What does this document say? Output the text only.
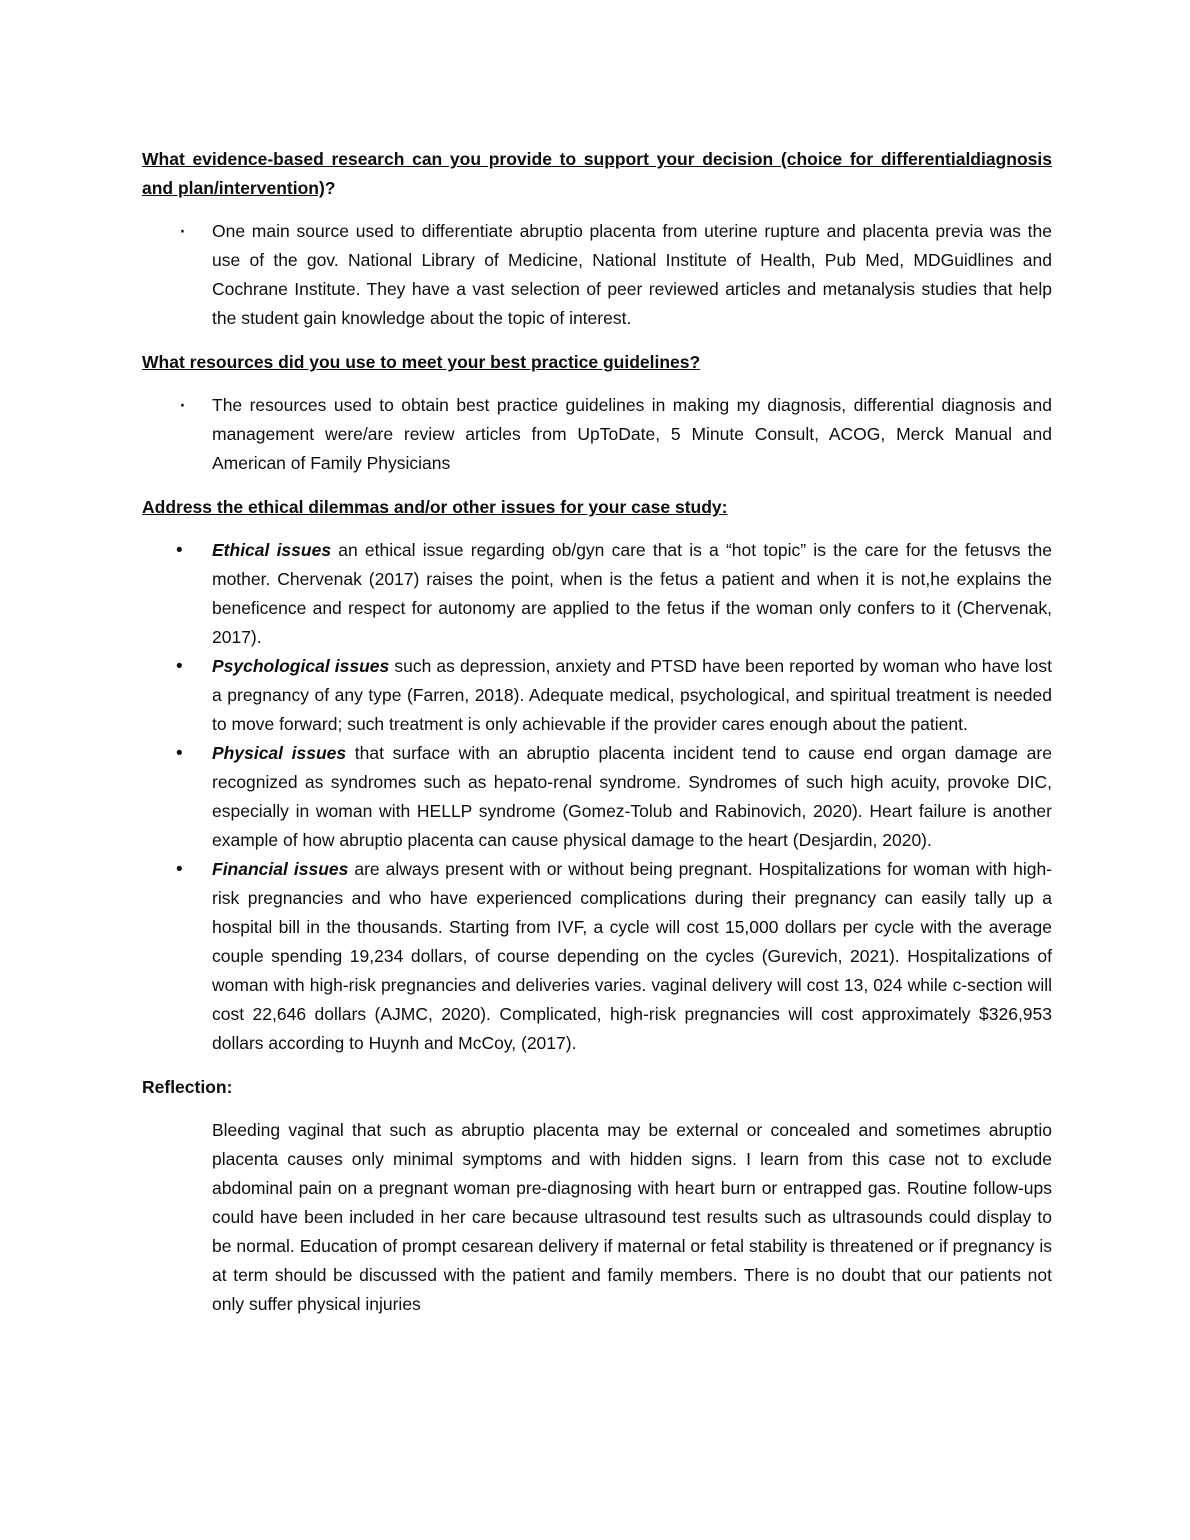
What evidence-based research can you provide to support your decision (choice for differentialdiagnosis and plan/intervention)?
· One main source used to differentiate abruptio placenta from uterine rupture and placenta previa was the use of the gov. National Library of Medicine, National Institute of Health, Pub Med, MDGuidlines and Cochrane Institute. They have a vast selection of peer reviewed articles and metanalysis studies that help the student gain knowledge about the topic of interest.
What resources did you use to meet your best practice guidelines?
· The resources used to obtain best practice guidelines in making my diagnosis, differential diagnosis and management were/are review articles from UpToDate, 5 Minute Consult, ACOG, Merck Manual and American of Family Physicians
Address the ethical dilemmas and/or other issues for your case study:
• Ethical issues an ethical issue regarding ob/gyn care that is a “hot topic” is the care for the fetusvs the mother. Chervenak (2017) raises the point, when is the fetus a patient and when it is not,he explains the beneficence and respect for autonomy are applied to the fetus if the woman only confers to it (Chervenak, 2017).
• Psychological issues such as depression, anxiety and PTSD have been reported by woman who have lost a pregnancy of any type (Farren, 2018). Adequate medical, psychological, and spiritual treatment is needed to move forward; such treatment is only achievable if the provider cares enough about the patient.
• Physical issues that surface with an abruptio placenta incident tend to cause end organ damage are recognized as syndromes such as hepato-renal syndrome. Syndromes of such high acuity, provoke DIC, especially in woman with HELLP syndrome (Gomez-Tolub and Rabinovich, 2020). Heart failure is another example of how abruptio placenta can cause physical damage to the heart (Desjardin, 2020).
• Financial issues are always present with or without being pregnant. Hospitalizations for woman with high-risk pregnancies and who have experienced complications during their pregnancy can easily tally up a hospital bill in the thousands. Starting from IVF, a cycle will cost 15,000 dollars per cycle with the average couple spending 19,234 dollars, of course depending on the cycles (Gurevich, 2021). Hospitalizations of woman with high-risk pregnancies and deliveries varies. vaginal delivery will cost 13, 024 while c-section will cost 22,646 dollars (AJMC, 2020). Complicated, high-risk pregnancies will cost approximately $326,953 dollars according to Huynh and McCoy, (2017).
Reflection:

Bleeding vaginal that such as abruptio placenta may be external or concealed and sometimes abruptio placenta causes only minimal symptoms and with hidden signs. I learn from this case not to exclude abdominal pain on a pregnant woman pre-diagnosing with heart burn or entrapped gas. Routine follow-ups could have been included in her care because ultrasound test results such as ultrasounds could display to be normal. Education of prompt cesarean delivery if maternal or fetal stability is threatened or if pregnancy is at term should be discussed with the patient and family members. There is no doubt that our patients not only suffer physical injuries
